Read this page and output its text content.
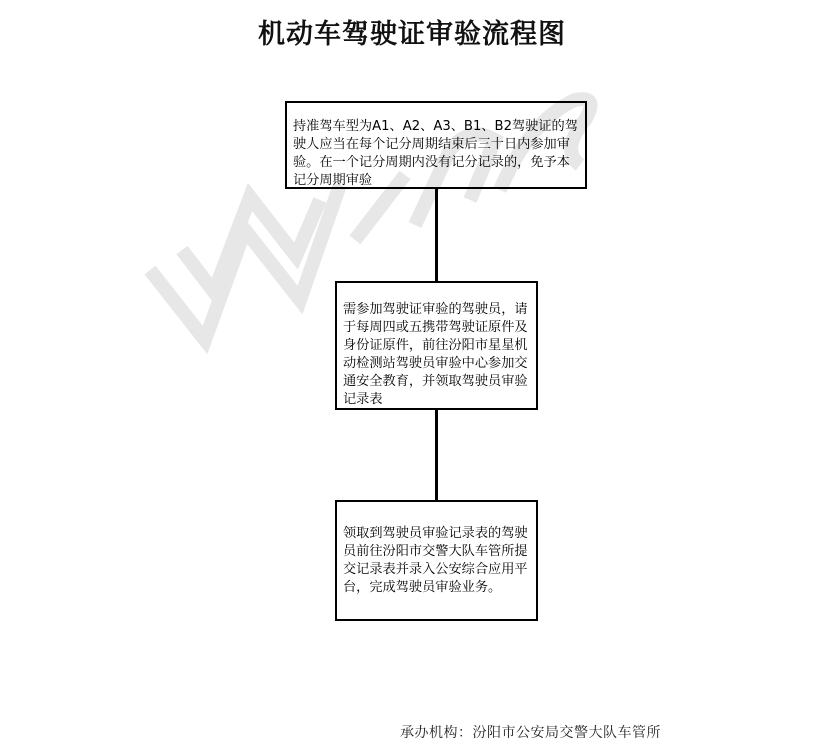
机动车驾驶证审验流程图
持准驾车型为A1、A2、A3、B1、B2驾驶证的驾驶人应当在每个记分周期结束后三十日内参加审验。在一个记分周期内没有记分记录的，免予本记分周期审验
需参加驾驶证审验的驾驶员，请于每周四或五携带驾驶证原件及身份证原件，前往汾阳市星星机动检测站驾驶员审验中心参加交通安全教育，并领取驾驶员审验记录表
领取到驾驶员审验记录表的驾驶员前往汾阳市交警大队车管所提交记录表并录入公安综合应用平台，完成驾驶员审验业务。
承办机构：汾阳市公安局交警大队车管所
